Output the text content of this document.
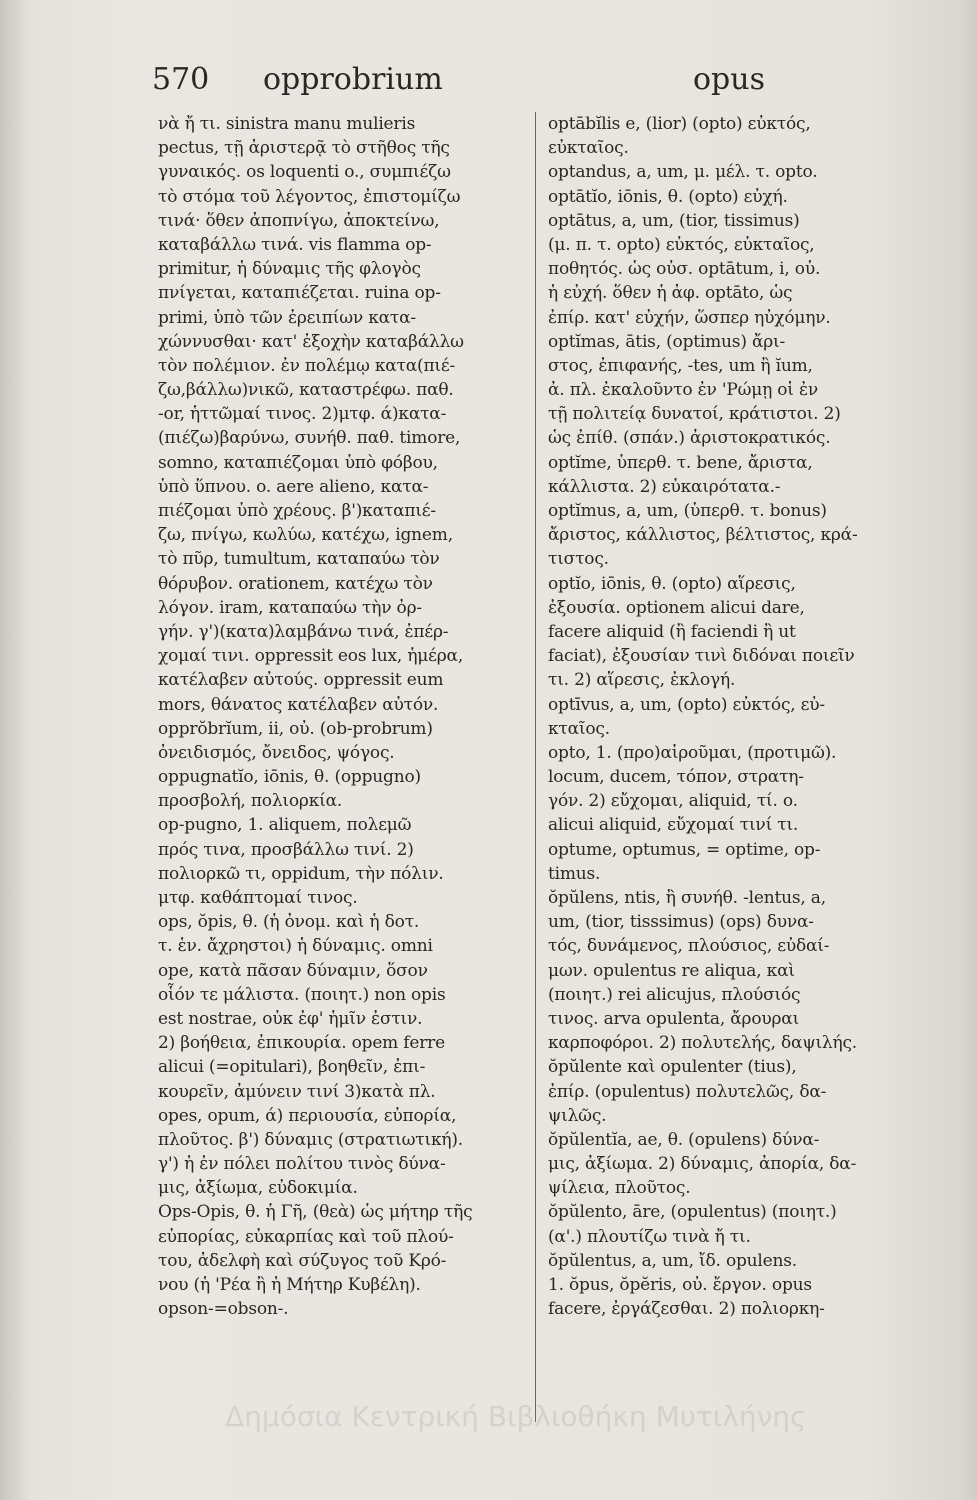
570 opprobrium	opus
νὰ ἤ τι. sinistra manu mulieris
pectus, τῇ ἀριστερᾷ τὸ στῆθος τῆς
γυναικός. os loquenti o., συμπιέζω
τὸ στόμα τοῦ λέγοντος, ἐπιστομίζω
τινά· ὅθεν ἀποπνίγω, ἀποκτείνω,
καταβάλλω τινά. vis flamma op-
primitur, ἡ δύναμις τῆς φλογὸς
πνίγεται, καταπιέζεται. ruina op-
primi, ὑπὸ τῶν ἐρειπίων κατα-
χώννυσθαι· κατ' ἐξοχὴν καταβάλλω
τὸν πολέμιον. ἐν πολέμῳ κατα(πιέ-
ζω,βάλλω)νικῶ, καταστρέφω. παθ.
-or, ἡττῶμαί τινος. 2)μτφ. ά)κατα-
(πιέζω)βαρύνω, συνήθ. παθ. timore,
somno, καταπιέζομαι ὑπὸ φόβου,
ὑπὸ ὕπνου. o. aere alieno, κατα-
πιέζομαι ὑπὸ χρέους. β')καταπιέ-
ζω, πνίγω, κωλύω, κατέχω, ignem,
τὸ πῦρ, tumultum, καταπαύω τὸν
θόρυβον. orationem, κατέχω τὸν
λόγον. iram, καταπαύω τὴν ὀρ-
γήν. γ')(κατα)λαμβάνω τινά, ἐπέρ-
χομαί τινι. oppressit eos lux, ἡμέρα,
κατέλαβεν αὐτούς. oppressit eum
mors, θάνατος κατέλαβεν αὐτόν.
opprŏbrĭum, ii, οὐ. (ob-probrum)
ὀνειδισμός, ὄνειδος, ψόγος.
oppugnatĭo, iōnis, θ. (oppugno)
προσβολή, πολιορκία.
op-pugno, 1. aliquem, πολεμῶ
πρός τινα, προσβάλλω τινί. 2)
πολιορκῶ τι, oppidum, τὴν πόλιν.
μτφ. καθάπτομαί τινος.
ops, ŏpis, θ. (ἡ ὀνομ. καὶ ἡ δοτ.
τ. ἑν. ἄχρηστοι) ἡ δύναμις. omni
ope, κατὰ πᾶσαν δύναμιν, ὅσον
οἷόν τε μάλιστα. (ποιητ.) non opis
est nostrae, οὐκ ἐφ' ἡμῖν ἐστιν.
2) βοήθεια, ἐπικουρία. opem ferre
alicui (=opitulari), βοηθεῖν, ἐπι-
κουρεῖν, ἀμύνειν τινί 3)κατὰ πλ.
opes, opum, ά) περιουσία, εὐπορία,
πλοῦτος. β') δύναμις (στρατιωτική).
γ') ἡ ἐν πόλει πολίτου τινὸς δύνα-
μις, ἀξίωμα, εὐδοκιμία.
Ops-Opis, θ. ἡ Γῆ, (θεὰ) ὡς μήτηρ τῆς
εὐπορίας, εὐκαρπίας καὶ τοῦ πλού-
του, ἀδελφὴ καὶ σύζυγος τοῦ Κρό-
νου (ἡ 'Ρέα ἢ ἡ Μήτηρ Κυβέλη).
opson-=obson-.
optābĭlis e, (lior) (opto) εὐκτός,
εὐκταῖος.
optandus, a, um, μ. μέλ. τ. opto.
optātĭo, iōnis, θ. (opto) εὐχή.
optātus, a, um, (tior, tissimus)
(μ. π. τ. opto) εὐκτός, εὐκταῖος,
ποθητός. ὡς οὐσ. optātum, i, οὐ.
ἡ εὐχή. ὅθεν ἡ ἀφ. optāto, ὡς
ἐπίρ. κατ' εὐχήν, ὥσπερ ηὐχόμην.
optĭmas, ātis, (optimus) ἄρι-
στος, ἐπιφανής, -tes, um ἢ ĭum,
ἀ. πλ. ἐκαλοῦντο ἐν 'Ρώμῃ οἱ ἐν
τῇ πολιτείᾳ δυνατοί, κράτιστοι. 2)
ὡς ἐπίθ. (σπάν.) ἀριστοκρατικός.
optĭme, ὑπερθ. τ. bene, ἄριστα,
κάλλιστα. 2) εὐκαιρότατα.-
optĭmus, a, um, (ὑπερθ. τ. bonus)
ἄριστος, κάλλιστος, βέλτιστος, κρά-
τιστος.
optĭo, iōnis, θ. (opto) αἵρεσις,
ἐξουσία. optionem alicui dare,
facere aliquid (ἢ faciendi ἢ ut
faciat), ἐξουσίαν τινὶ διδόναι ποιεῖν
τι. 2) αἵρεσις, ἐκλογή.
optīvus, a, um, (opto) εὐκτός, εὐ-
κταῖος.
opto, 1. (προ)αἱροῦμαι, (προτιμῶ).
locum, ducem, τόπον, στρατη-
γόν. 2) εὔχομαι, aliquid, τί. o.
alicui aliquid, εὔχομαί τινί τι.
optume, optumus, = optime, op-
timus.
ŏpŭlens, ntis, ἢ συνήθ. -lentus, a,
um, (tior, tisssimus) (ops) δυνα-
τός, δυνάμενος, πλούσιος, εὐδαί-
μων. opulentus re aliqua, καὶ
(ποιητ.) rei alicujus, πλούσιός
τινος. arva opulenta, ἄρουραι
καρποφόροι. 2) πολυτελής, δαψιλής.
ŏpŭlente καὶ opulenter (tius),
ἐπίρ. (opulentus) πολυτελῶς, δα-
ψιλῶς.
ŏpŭlentĭa, ae, θ. (opulens) δύνα-
μις, ἀξίωμα. 2) δύναμις, ἀπορία, δα-
ψίλεια, πλοῦτος.
ŏpŭlento, āre, (opulentus) (ποιητ.)
(α'.) πλουτίζω τινὰ ἤ τι.
ŏpŭlentus, a, um, ἴδ. opulens.
1. ŏpus, ŏpĕris, οὐ. ἔργον. opus
facere, ἐργάζεσθαι. 2) πολιορκη-
Δημόσια Κεντρική Βιβλιοθήκη Μυτιλήνης
